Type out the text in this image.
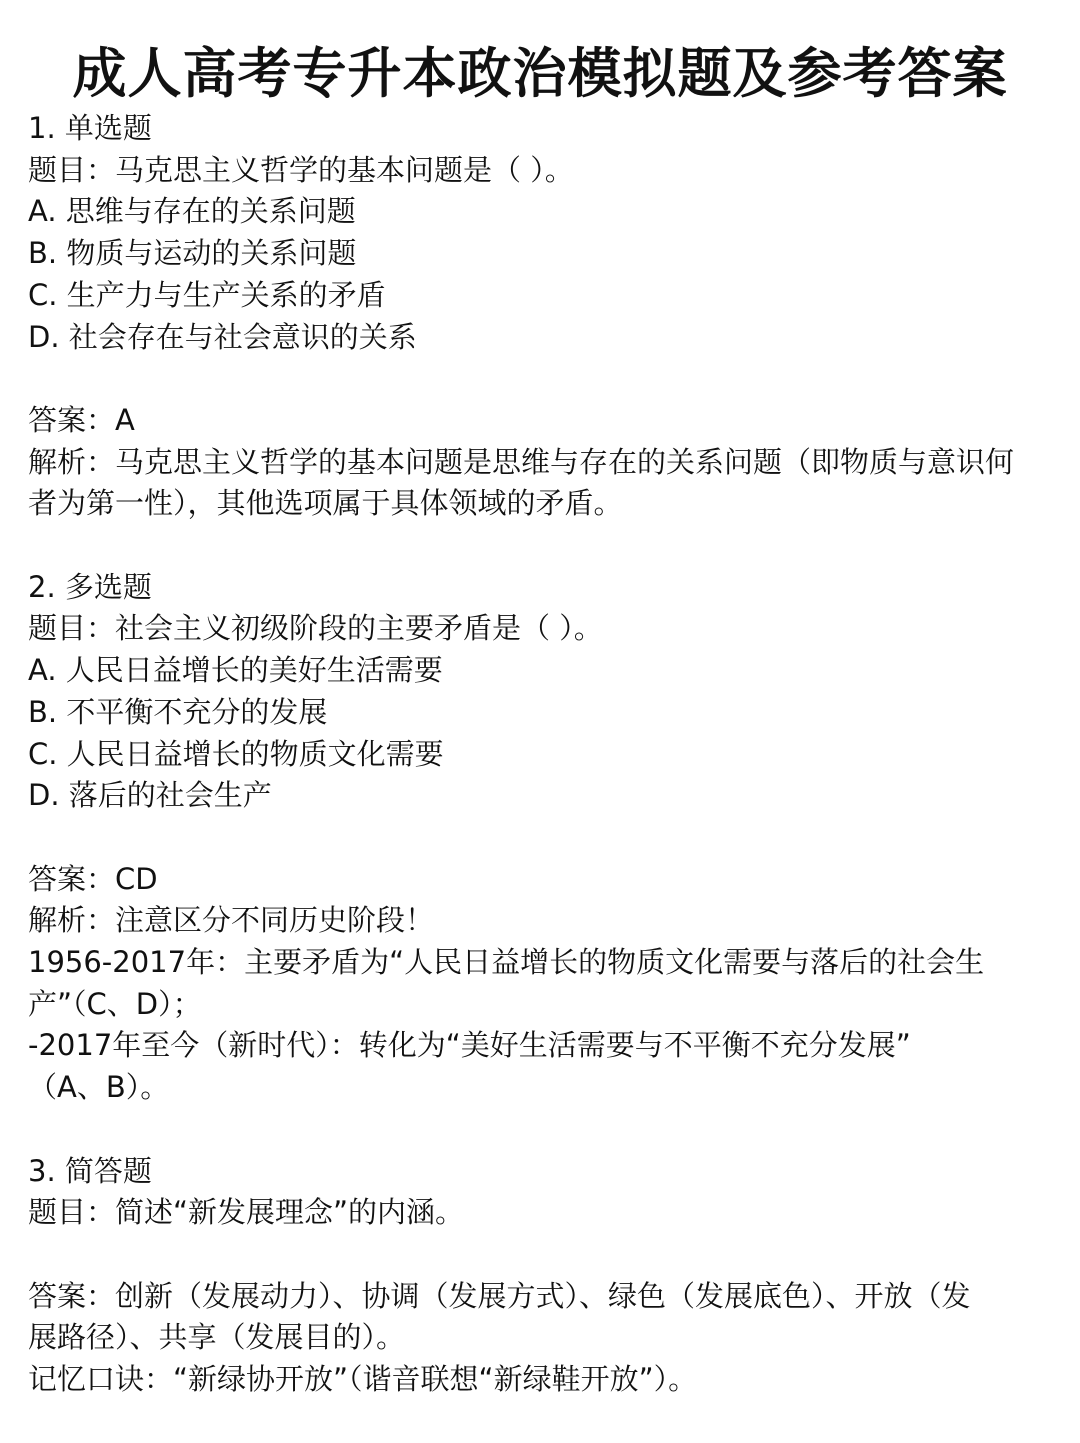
成人高考专升本政治模拟题及参考答案
1. 单选题
题目：马克思主义哲学的基本问题是（ ）。
A. 思维与存在的关系问题
B. 物质与运动的关系问题
C. 生产力与生产关系的矛盾
D. 社会存在与社会意识的关系
答案：A
解析：马克思主义哲学的基本问题是思维与存在的关系问题（即物质与意识何
者为第一性），其他选项属于具体领域的矛盾。
2. 多选题
题目：社会主义初级阶段的主要矛盾是（ ）。
A. 人民日益增长的美好生活需要
B. 不平衡不充分的发展
C. 人民日益增长的物质文化需要
D. 落后的社会生产
答案：CD
解析：注意区分不同历史阶段！
1956-2017年：主要矛盾为“人民日益增长的物质文化需要与落后的社会生
产”（C、D）；
-2017年至今（新时代）：转化为“美好生活需要与不平衡不充分发展”
（A、B）。
3. 简答题
题目：简述“新发展理念”的内涵。
答案：创新（发展动力）、协调（发展方式）、绿色（发展底色）、开放（发
展路径）、共享（发展目的）。
记忆口诀：“新绿协开放”（谐音联想“新绿鞋开放”）。
